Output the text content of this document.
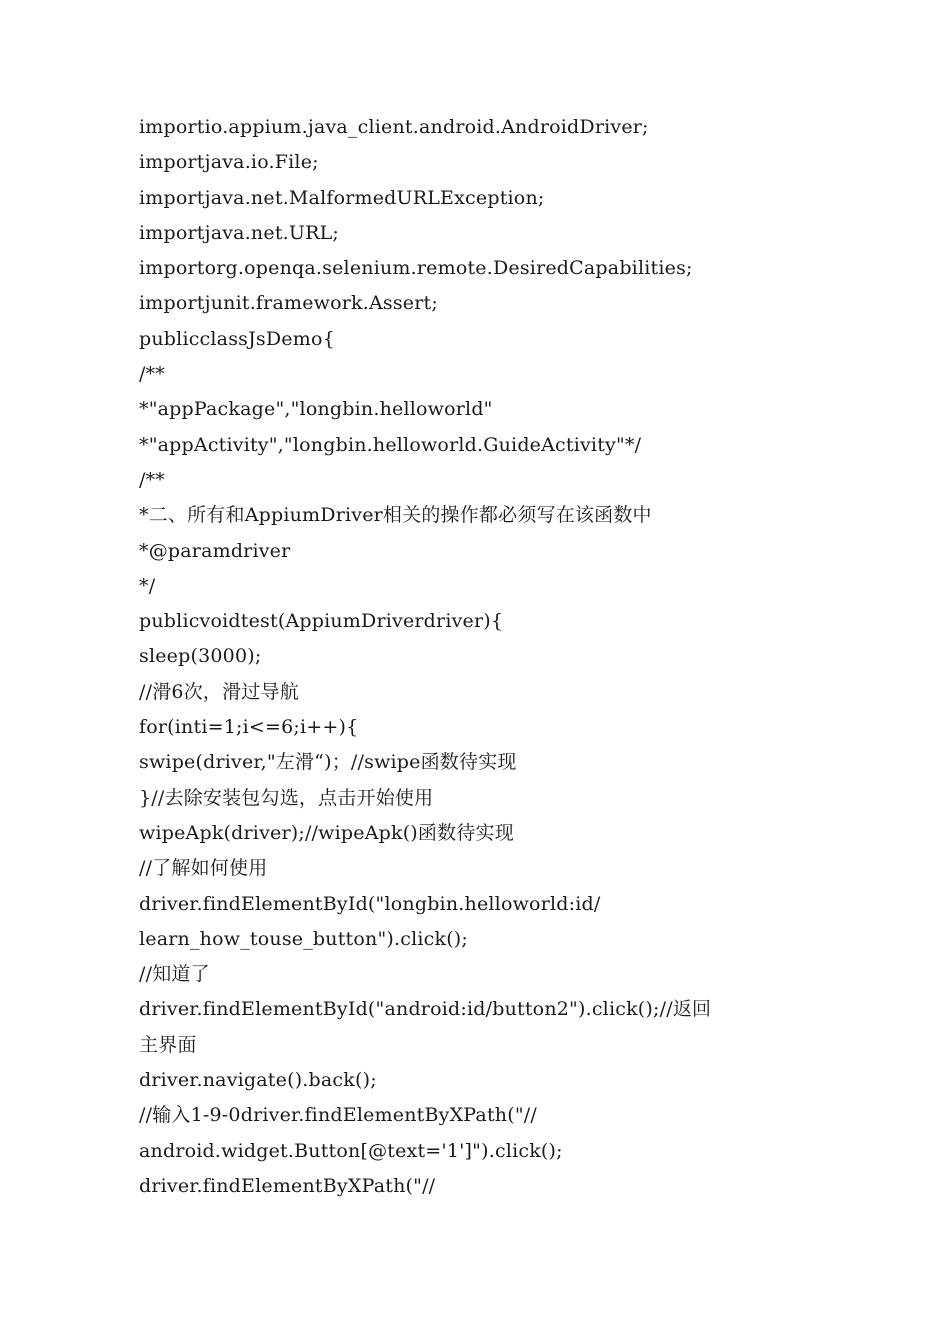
importio.appium.java_client.android.AndroidDriver;
importjava.io.File;
importjava.net.MalformedURLException;
importjava.net.URL;
importorg.openqa.selenium.remote.DesiredCapabilities;
importjunit.framework.Assert;
publicclassJsDemo{
/**
*"appPackage","longbin.helloworld"
*"appActivity","longbin.helloworld.GuideActivity"*/
/**
*二、所有和AppiumDriver相关的操作都必须写在该函数中
*@paramdriver
*/
publicvoidtest(AppiumDriverdriver){
sleep(3000);
//滑6次，滑过导航
for(inti=1;i<=6;i++){
swipe(driver,"左滑“)；//swipe函数待实现
}//去除安装包勾选，点击开始使用
wipeApk(driver);//wipeApk()函数待实现
//了解如何使用
driver.findElementById("longbin.helloworld:id/
learn_how_touse_button").click();
//知道了
driver.findElementById("android:id/button2").click();//返回
主界面
driver.navigate().back();
//输入1-9-0driver.findElementByXPath("//
android.widget.Button[@text='1']").click();
driver.findElementByXPath("//
